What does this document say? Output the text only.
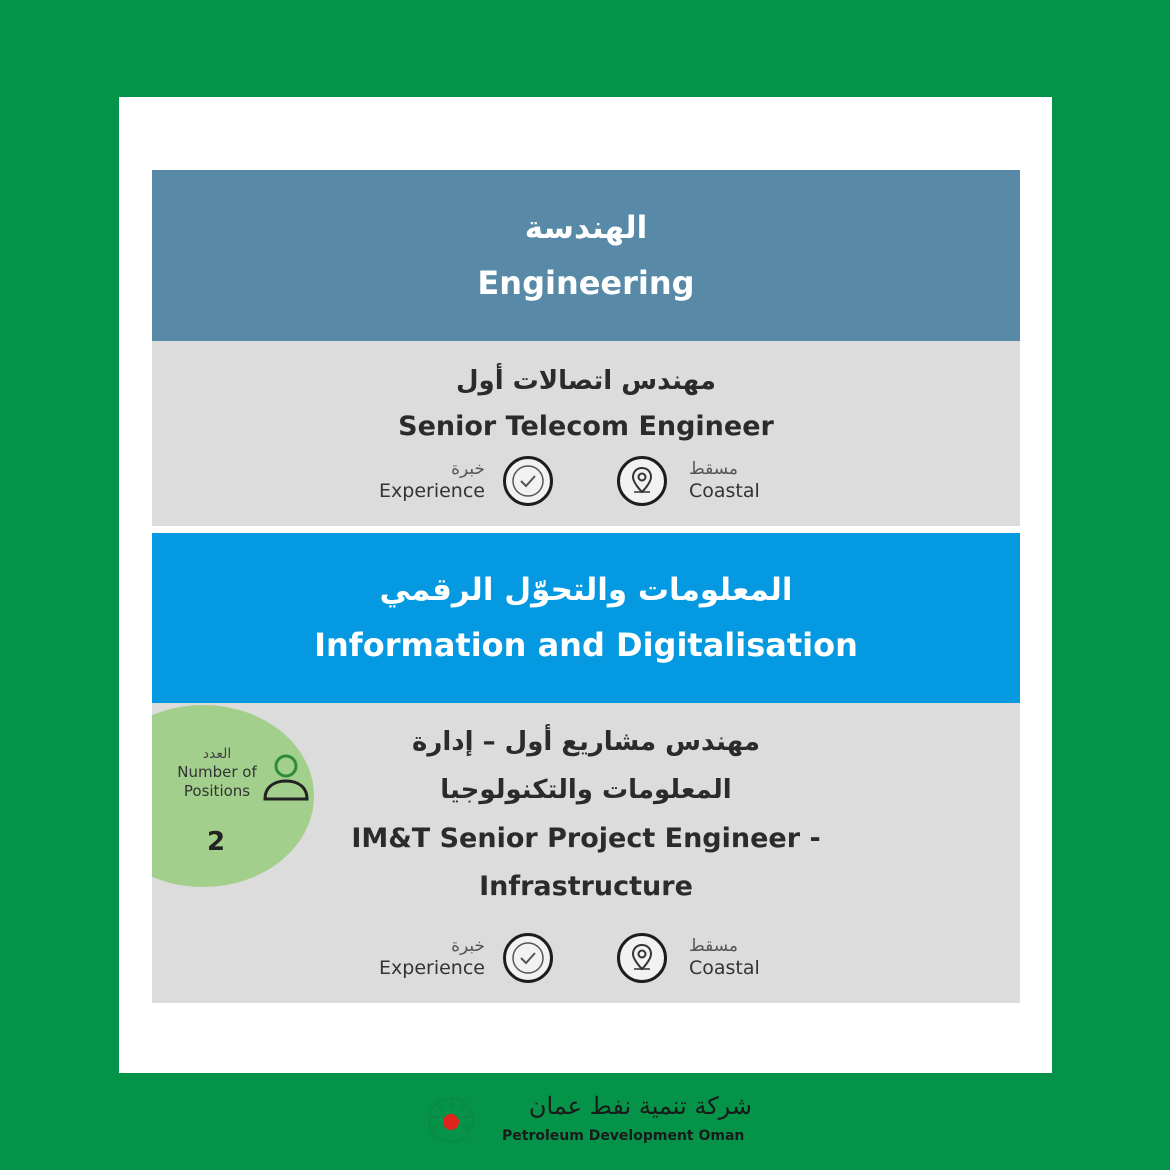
الهندسة
Engineering
مهندس اتصالات أول
Senior Telecom Engineer
خبرة
Experience
مسقط
Coastal
المعلومات والتحوّل الرقمي
Information and Digitalisation
العدد
Number of
Positions
2
مهندس مشاريع أول – إدارة
المعلومات والتكنولوجيا
IM&T Senior Project Engineer -
Infrastructure
خبرة
Experience
مسقط
Coastal
شركة تنمية نفط عمان
Petroleum Development Oman
